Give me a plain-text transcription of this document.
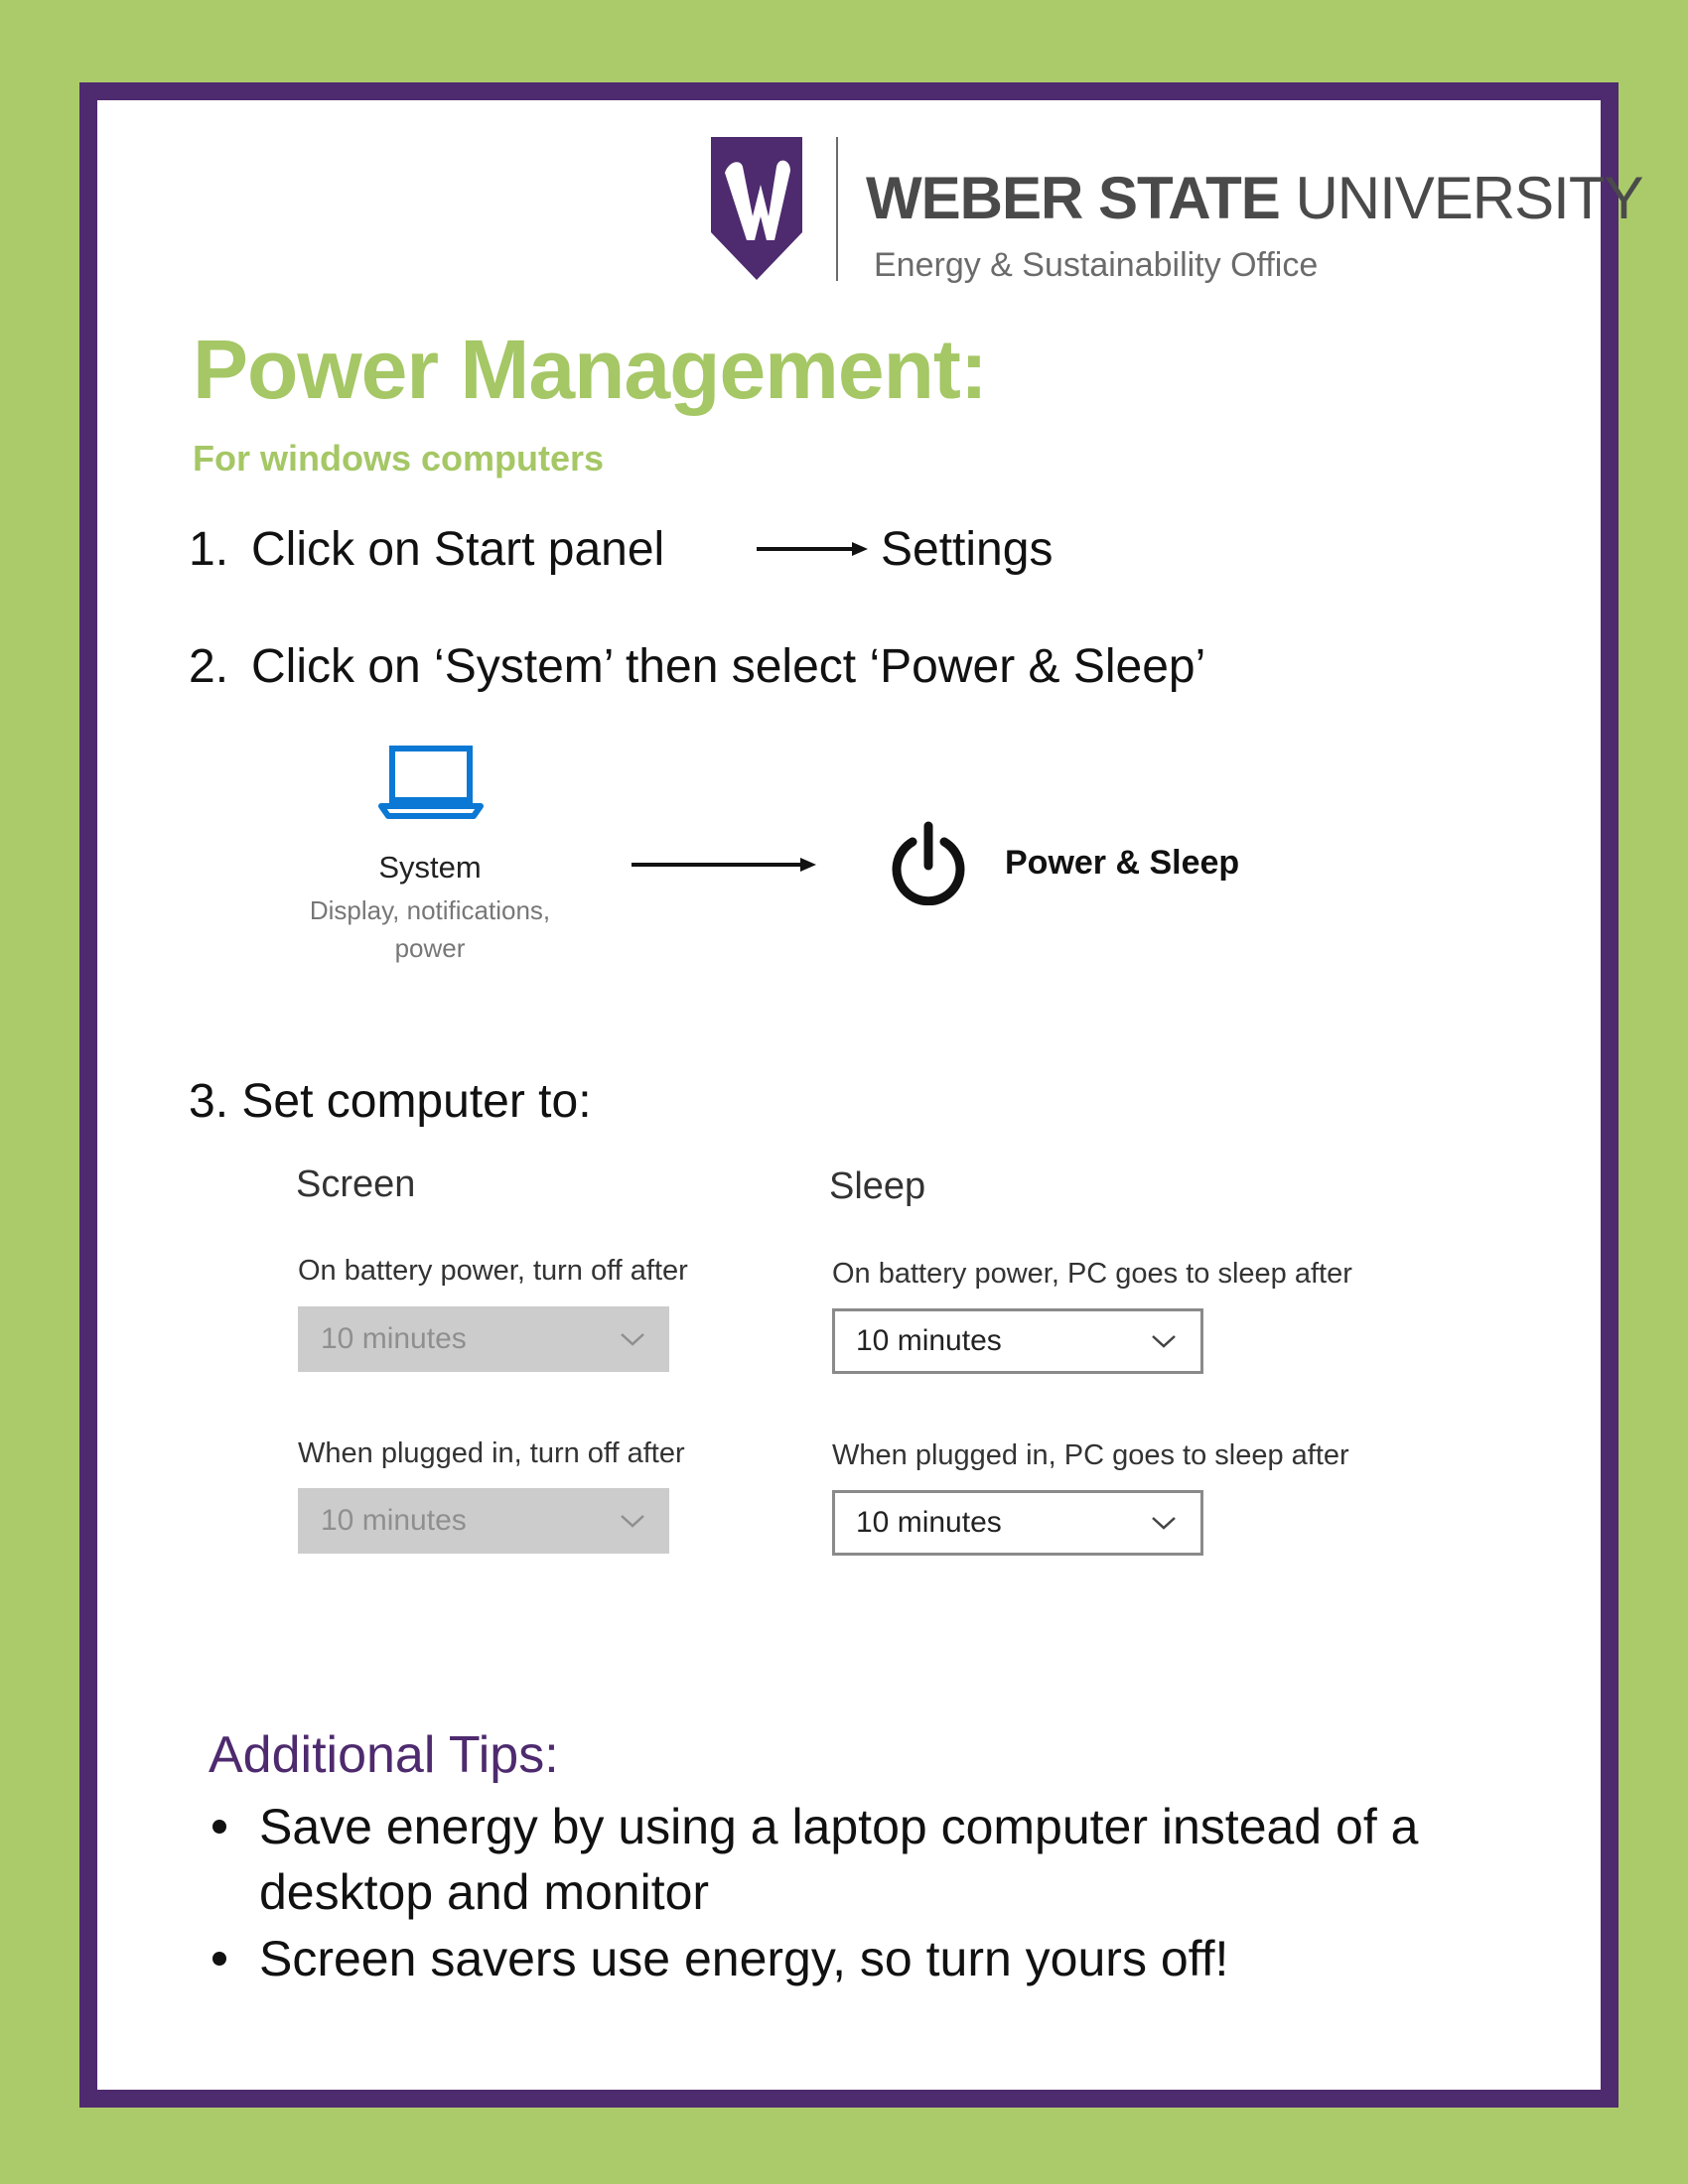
WEBER STATE UNIVERSITY
Energy & Sustainability Office
Power Management:
For windows computers
1. Click on Start panel	Settings
2. Click on ‘System’ then select ‘Power & Sleep’
System
Display, notifications, power
Power & Sleep
3. Set computer to:
Screen
On battery power, turn off after
10 minutes
When plugged in, turn off after
10 minutes
Sleep
On battery power, PC goes to sleep after
10 minutes
When plugged in, PC goes to sleep after
10 minutes
Additional Tips:
Save energy by using a laptop computer instead of a desktop and monitor
Screen savers use energy, so turn yours off!
